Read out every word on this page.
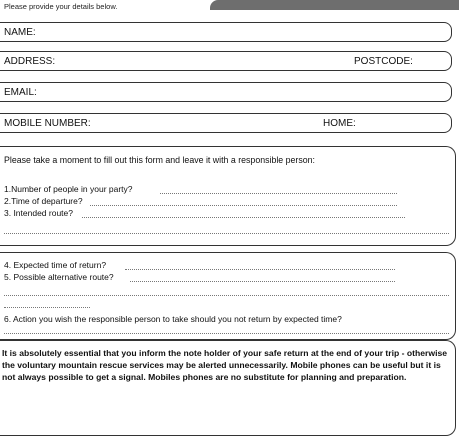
Please provide your details below.
NAME:
ADDRESS:	POSTCODE:
EMAIL:
MOBILE NUMBER:	HOME:
Please take a moment to fill out this form and leave it with a responsible person:
1.Number of people in your party?
2.Time of departure?
3. Intended route?
4. Expected time of return?
5. Possible alternative route?
6. Action you wish the responsible person to take should you not return by expected time?
It is absolutely essential that you inform the note holder of your safe return at the end of your trip - otherwise the voluntary mountain rescue services may be alerted unnecessarily. Mobile phones can be useful but it is not always possible to get a signal. Mobiles phones are no substitute for planning and preparation.
